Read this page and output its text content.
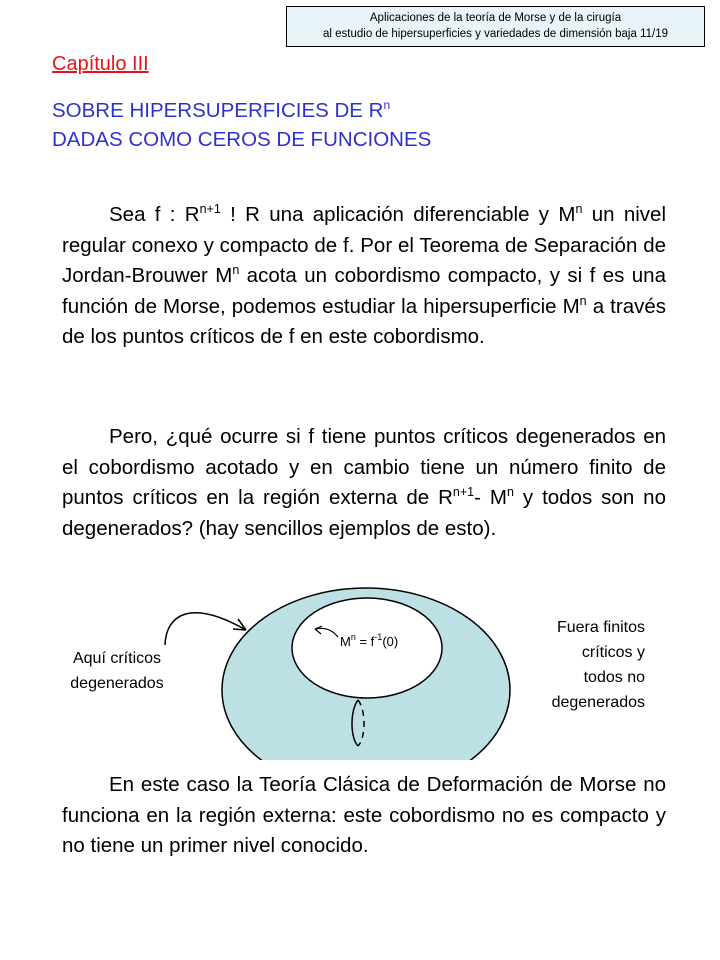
Aplicaciones de la teoría de Morse y de la cirugía
al estudio de hipersuperficies y variedades de dimensión baja 11/19
Capítulo III
SOBRE HIPERSUPERFICIES DE $R^n$
DADAS COMO CEROS DE FUNCIONES
Sea f : $R^{n+1}$ ! R una aplicación diferenciable y $M^n$ un nivel regular conexo y compacto de f. Por el Teorema de Separación de Jordan-Brouwer $M^n$ acota un cobordismo compacto, y si f es una función de Morse, podemos estudiar la hipersuperficie $M^n$ a través de los puntos críticos de f en este cobordismo.
Pero, ¿qué ocurre si f tiene puntos críticos degenerados en el cobordismo acotado y en cambio tiene un número finito de puntos críticos en la región externa de $R^{n+1}-$ $M^n$ y todos son no degenerados? (hay sencillos ejemplos de esto).
$M^n = f^{-1}(0)$
Aquí críticos
degenerados
Fuera finitos
críticos y
todos no
degenerados
En este caso la Teoría Clásica de Deformación de Morse no funciona en la región externa: este cobordismo no es compacto y no tiene un primer nivel conocido.
